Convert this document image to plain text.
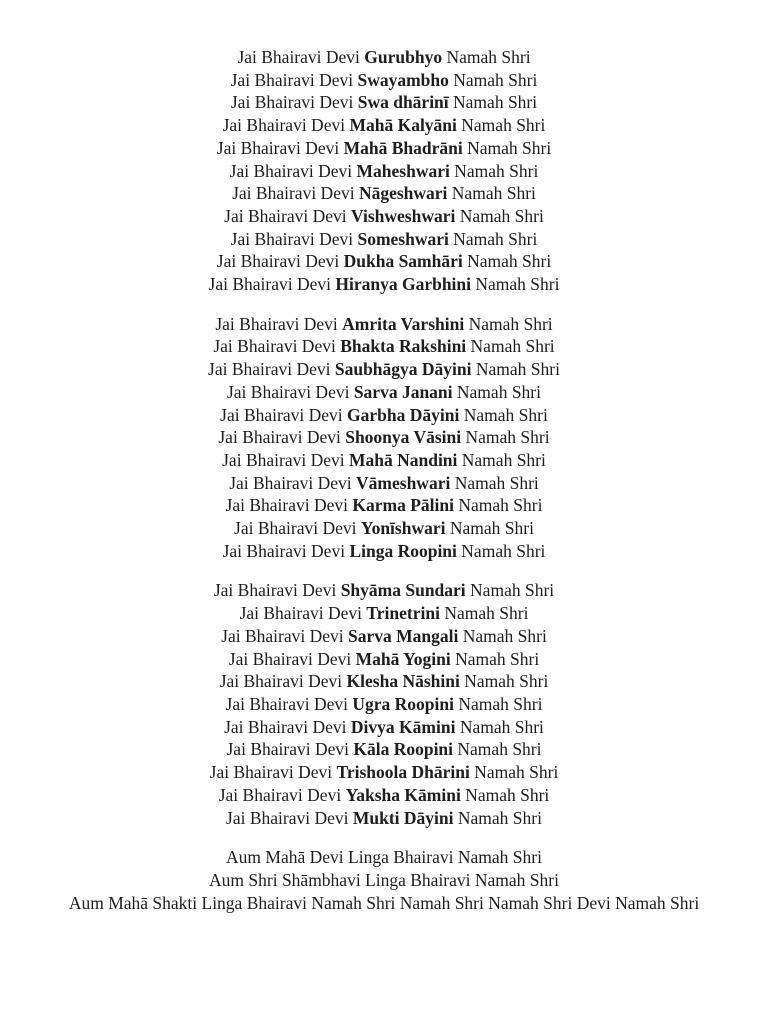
Jai Bhairavi Devi Gurubhyo Namah Shri
Jai Bhairavi Devi Swayambho Namah Shri
Jai Bhairavi Devi Swa dhārinī Namah Shri
Jai Bhairavi Devi Mahā Kalyāni Namah Shri
Jai Bhairavi Devi Mahā Bhadrāni Namah Shri
Jai Bhairavi Devi Maheshwari Namah Shri
Jai Bhairavi Devi Nāgeshwari Namah Shri
Jai Bhairavi Devi Vishweshwari Namah Shri
Jai Bhairavi Devi Someshwari Namah Shri
Jai Bhairavi Devi Dukha Samhāri Namah Shri
Jai Bhairavi Devi Hiranya Garbhini Namah Shri
Jai Bhairavi Devi Amrita Varshini Namah Shri
Jai Bhairavi Devi Bhakta Rakshini Namah Shri
Jai Bhairavi Devi Saubhāgya Dāyini Namah Shri
Jai Bhairavi Devi Sarva Janani Namah Shri
Jai Bhairavi Devi Garbha Dāyini Namah Shri
Jai Bhairavi Devi Shoonya Vāsini Namah Shri
Jai Bhairavi Devi Mahā Nandini Namah Shri
Jai Bhairavi Devi Vāmeshwari Namah Shri
Jai Bhairavi Devi Karma Pālini Namah Shri
Jai Bhairavi Devi Yonīshwari Namah Shri
Jai Bhairavi Devi Linga Roopini Namah Shri
Jai Bhairavi Devi Shyāma Sundari Namah Shri
Jai Bhairavi Devi Trinetrini Namah Shri
Jai Bhairavi Devi Sarva Mangali Namah Shri
Jai Bhairavi Devi Mahā Yogini Namah Shri
Jai Bhairavi Devi Klesha Nāshini Namah Shri
Jai Bhairavi Devi Ugra Roopini Namah Shri
Jai Bhairavi Devi Divya Kāmini Namah Shri
Jai Bhairavi Devi Kāla Roopini Namah Shri
Jai Bhairavi Devi Trishoola Dhārini Namah Shri
Jai Bhairavi Devi Yaksha Kāmini Namah Shri
Jai Bhairavi Devi Mukti Dāyini Namah Shri
Aum Mahā Devi Linga Bhairavi Namah Shri
Aum Shri Shāmbhavi Linga Bhairavi Namah Shri
Aum Mahā Shakti Linga Bhairavi Namah Shri Namah Shri Namah Shri Devi Namah Shri
